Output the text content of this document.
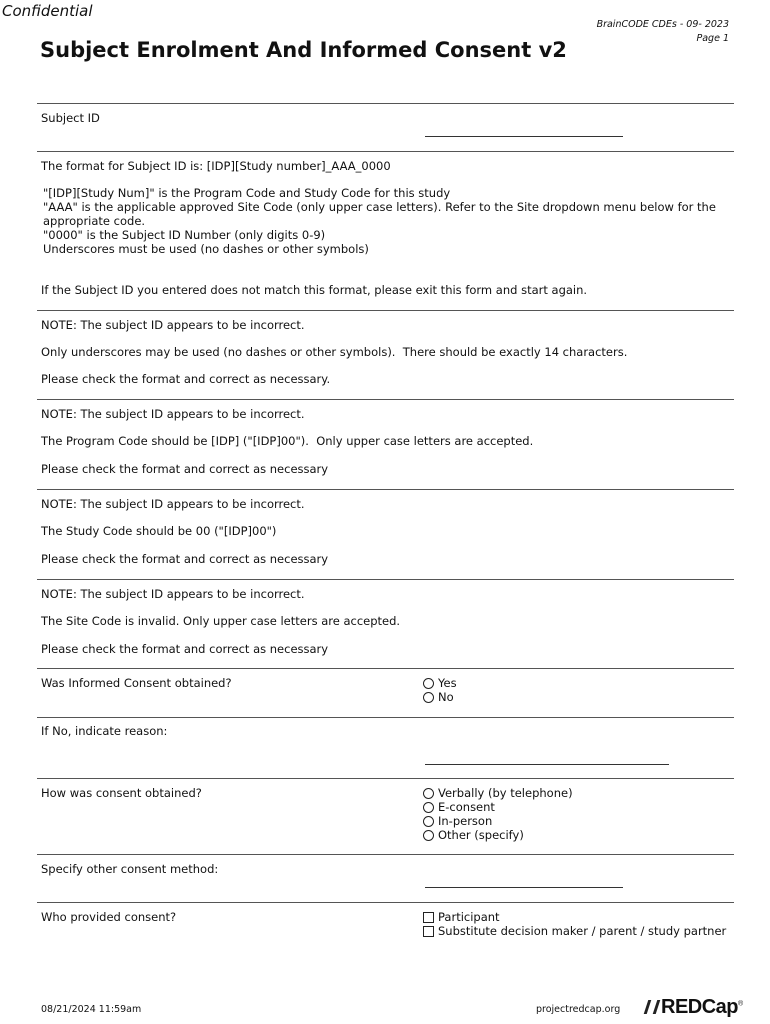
Confidential
BrainCODE CDEs - 09- 2023
Page 1
Subject Enrolment And Informed Consent v2
Subject ID
The format for Subject ID is: [IDP][Study number]_AAA_0000
"[IDP][Study Num]" is the Program Code and Study Code for this study
"AAA" is the applicable approved Site Code (only upper case letters). Refer to the Site dropdown menu below for the appropriate code.
"0000" is the Subject ID Number (only digits 0-9)
Underscores must be used (no dashes or other symbols)
If the Subject ID you entered does not match this format, please exit this form and start again.
NOTE: The subject ID appears to be incorrect.
Only underscores may be used (no dashes or other symbols).  There should be exactly 14 characters.
Please check the format and correct as necessary.
NOTE: The subject ID appears to be incorrect.
The Program Code should be [IDP] ("[IDP]00").  Only upper case letters are accepted.
Please check the format and correct as necessary
NOTE: The subject ID appears to be incorrect.
The Study Code should be 00 ("[IDP]00")
Please check the format and correct as necessary
NOTE: The subject ID appears to be incorrect.
The Site Code is invalid. Only upper case letters are accepted.
Please check the format and correct as necessary
Was Informed Consent obtained?	Yes
No
If No, indicate reason:
How was consent obtained?	Verbally (by telephone)
E-consent
In-person
Other (specify)
Specify other consent method:
Who provided consent?	Participant
Substitute decision maker / parent / study partner
08/21/2024 11:59am	projectredcap.org	REDCap®
